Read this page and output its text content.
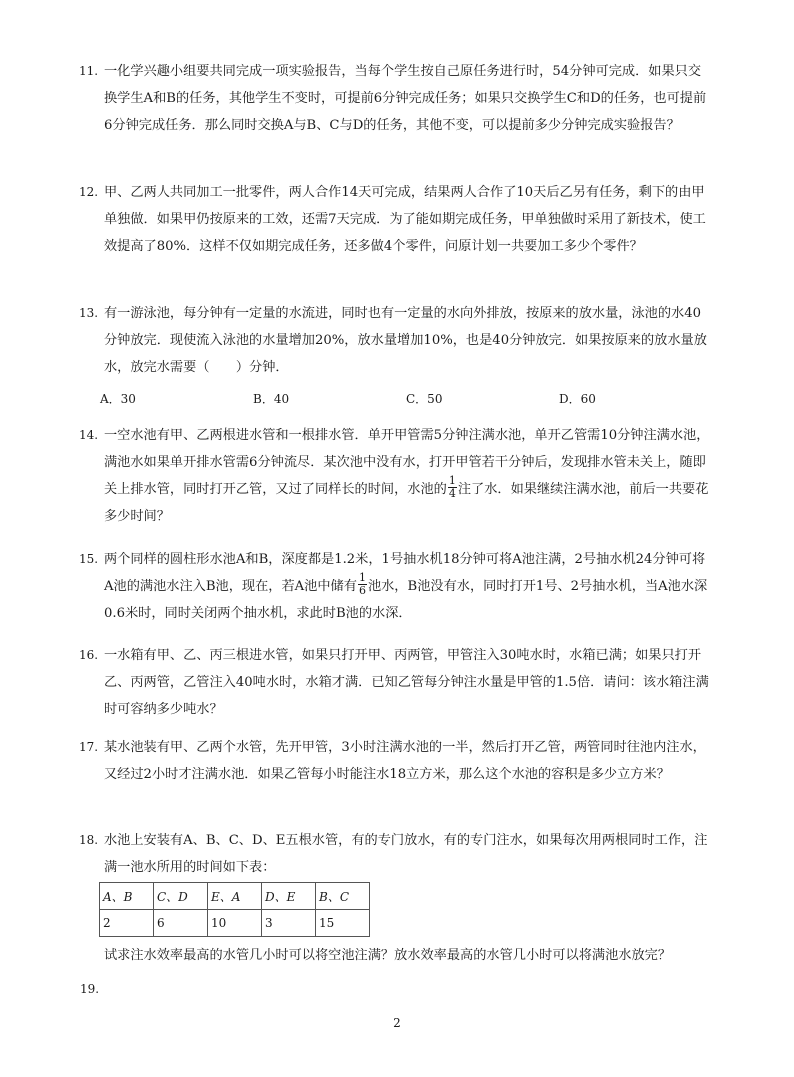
11. 一化学兴趣小组要共同完成一项实验报告，当每个学生按自己原任务进行时，54分钟可完成．如果只交换学生A和B的任务，其他学生不变时，可提前6分钟完成任务；如果只交换学生C和D的任务，也可提前6分钟完成任务．那么同时交换A与B、C与D的任务，其他不变，可以提前多少分钟完成实验报告？
12. 甲、乙两人共同加工一批零件，两人合作14天可完成，结果两人合作了10天后乙另有任务，剩下的由甲单独做．如果甲仍按原来的工效，还需7天完成．为了能如期完成任务，甲单独做时采用了新技术，使工效提高了80%．这样不仅如期完成任务，还多做4个零件，问原计划一共要加工多少个零件？
13. 有一游泳池，每分钟有一定量的水流进，同时也有一定量的水向外排放，按原来的放水量，泳池的水40分钟放完．现使流入泳池的水量增加20%，放水量增加10%，也是40分钟放完．如果按原来的放水量放水，放完水需要（　　）分钟．
A．30	B．40	C．50	D．60
14. 一空水池有甲、乙两根进水管和一根排水管．单开甲管需5分钟注满水池，单开乙管需10分钟注满水池，满池水如果单开排水管需6分钟流尽．某次池中没有水，打开甲管若干分钟后，发现排水管未关上，随即关上排水管，同时打开乙管，又过了同样长的时间，水池的 $\frac{1}{4}$ 注了水．如果继续注满水池，前后一共要花多少时间？
15. 两个同样的圆柱形水池A和B，深度都是1.2米，1号抽水机18分钟可将A池注满，2号抽水机24分钟可将A池的满池水注入B池，现在，若A池中储有 $\frac{1}{6}$ 池水，B池没有水，同时打开1号、2号抽水机，当A池水深0.6米时，同时关闭两个抽水机，求此时B池的水深．
16. 一水箱有甲、乙、丙三根进水管，如果只打开甲、丙两管，甲管注入30吨水时，水箱已满；如果只打开乙、丙两管，乙管注入40吨水时，水箱才满．已知乙管每分钟注水量是甲管的1.5倍．请问：该水箱注满时可容纳多少吨水？
17. 某水池装有甲、乙两个水管，先开甲管，3小时注满水池的一半，然后打开乙管，两管同时往池内注水，又经过2小时才注满水池．如果乙管每小时能注水18立方米，那么这个水池的容积是多少立方米？
18. 水池上安装有A、B、C、D、E五根水管，有的专门放水，有的专门注水，如果每次用两根同时工作，注满一池水所用的时间如下表：
A、B	C、D	E、A	D、E	B、C
2	6	10	3	15
试求注水效率最高的水管几小时可以将空池注满？放水效率最高的水管几小时可以将满池水放完？
19.
2
